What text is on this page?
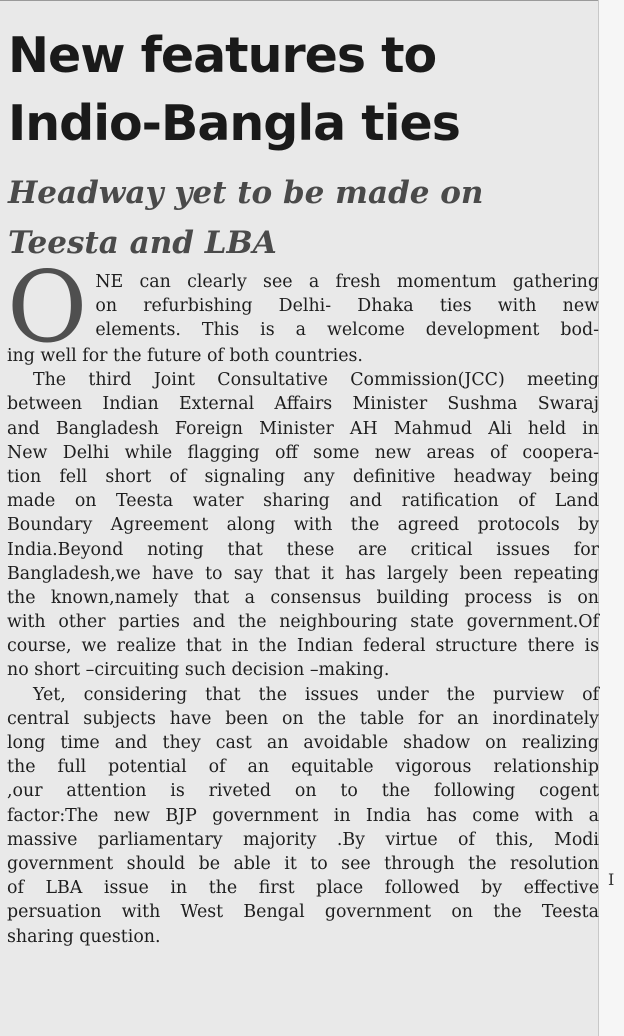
I
New features to
Indio-Bangla ties
Headway yet to be made on
Teesta and LBA

O NE can clearly see a fresh momentum gathering
on refurbishing Delhi- Dhaka ties with new
elements. This is a welcome development bod-
ing well for the future of both countries.

The third Joint Consultative Commission(JCC) meeting
between Indian External Affairs Minister Sushma Swaraj
and Bangladesh Foreign Minister AH Mahmud Ali held in
New Delhi while flagging off some new areas of coopera-
tion fell short of signaling any definitive headway being
made on Teesta water sharing and ratification of Land
Boundary Agreement along with the agreed protocols by
India.Beyond noting that these are critical issues for
Bangladesh,we have to say that it has largely been repeating
the known,namely that a consensus building process is on
with other parties and the neighbouring state government.Of
course, we realize that in the Indian federal structure there is
no short –circuiting such decision –making.

Yet, considering that the issues under the purview of
central subjects have been on the table for an inordinately
long time and they cast an avoidable shadow on realizing
the full potential of an equitable vigorous relationship
,our attention is riveted on to the following cogent
factor:The new BJP government in India has come with a
massive parliamentary majority .By virtue of this, Modi
government should be able it to see through the resolution
of LBA issue in the first place followed by effective
persuation with West Bengal government on the Teesta
sharing question.
